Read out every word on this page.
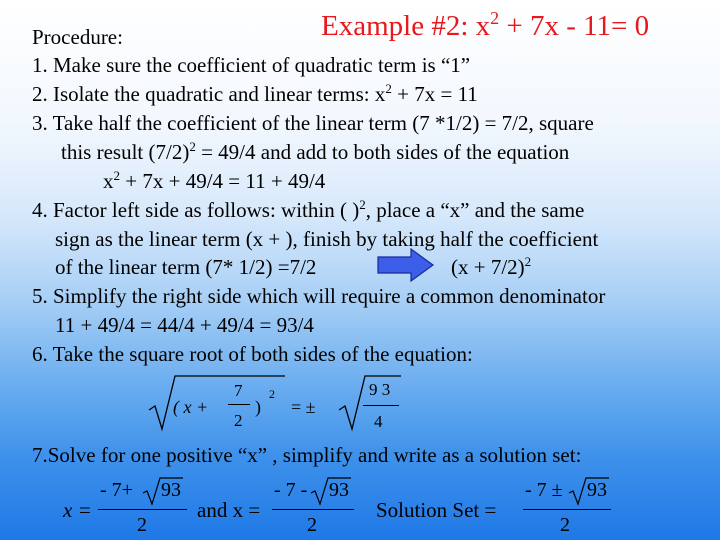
Example #2: $x^2 + 7x - 11= 0$
Procedure:
1. Make sure the coefficient of quadratic term is “1”
2. Isolate the quadratic and linear terms: $x^2 + 7x = 11$
3. Take half the coefficient of the linear term (7 *1/2) = 7/2, square
this result $(7/2)^2 = 49/4$ and add to both sides of the equation
$x^2 + 7x + 49/4 = 11 + 49/4$
4. Factor left side as follows: within ( )$^2$, place a “x” and the same
sign as the linear term (x + ), finish by taking half the coefficient
of the linear term (7* 1/2) =7/2	$(x + 7/2)^2$
5. Simplify the right side which will require a common denominator
11 + 49/4 = 44/4 + 49/4 = 93/4
6. Take the square root of both sides of the equation:
( x +
7
2
)
2
= ±
9 3
4
7.Solve for one positive “x” , simplify and write as a solution set:
x =
- 7+ 93
2
and x =
- 7 - 93
2
Solution Set =
- 7 ± 93
2
